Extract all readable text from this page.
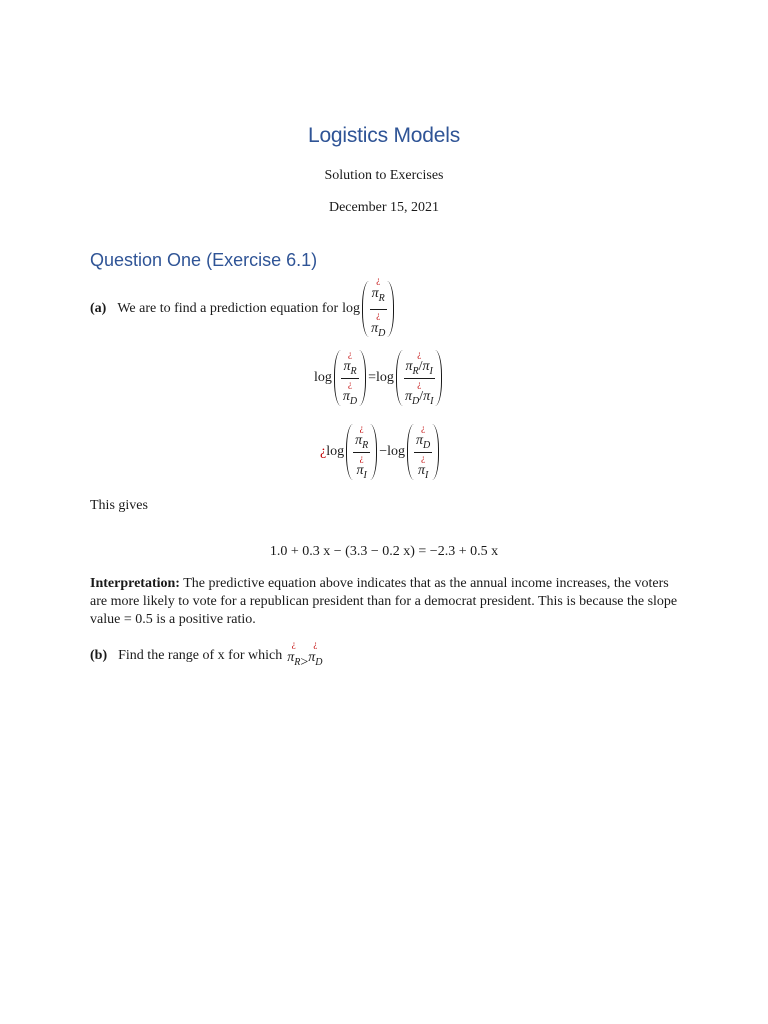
Logistics Models
Solution to Exercises
December 15, 2021
Question One (Exercise 6.1)
(a) We are to find a prediction equation for log ¿
$\pi_R$
¿
$\pi_D$
log ¿
$\pi_R$
¿
$\pi_D = \log$ ¿
$\pi_R/\pi_I$
¿
$\pi_D/\pi_I$
¿ log ¿
$\pi_R$
¿
$\pi_I - \log$ ¿
$\pi_D$
¿
$\pi_I$
This gives
1.0 + 0.3 x − (3.3 − 0.2 x) = −2.3 + 0.5 x
Interpretation: The predictive equation above indicates that as the annual income increases, the voters are more likely to vote for a republican president than for a democrat president. This is because the slope value = 0.5 is a positive ratio.
(b) Find the range of x for which
¿
$\pi_R$ >
¿
$\pi_D$
